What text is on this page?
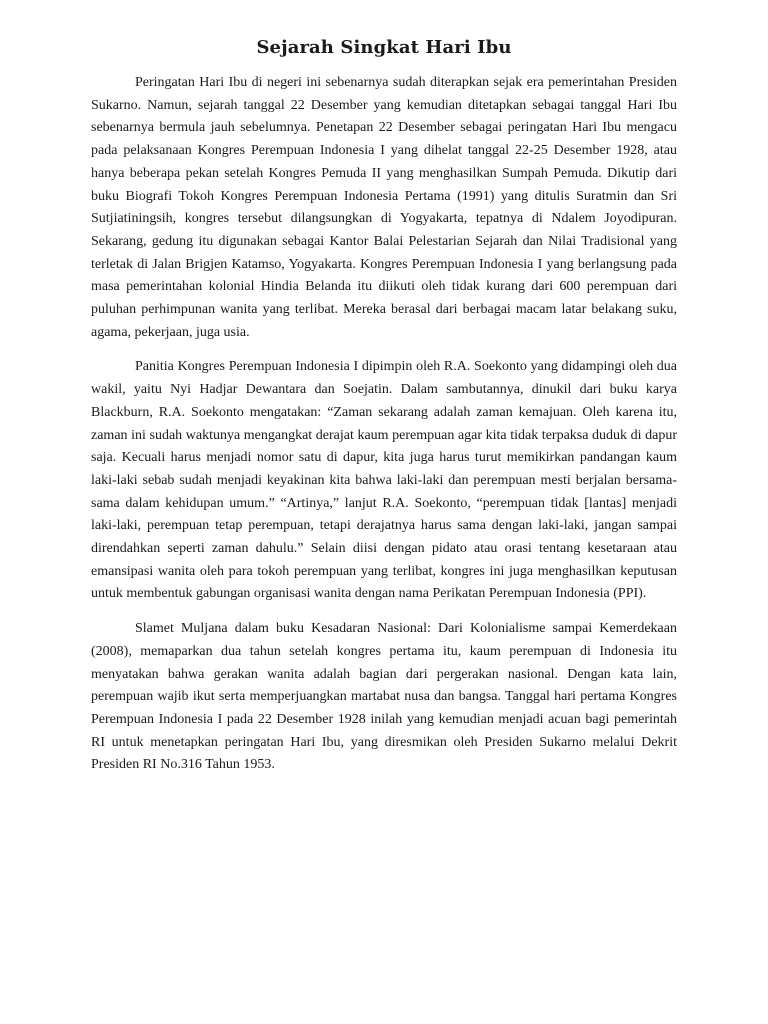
Sejarah Singkat Hari Ibu

Peringatan Hari Ibu di negeri ini sebenarnya sudah diterapkan sejak era pemerintahan Presiden Sukarno. Namun, sejarah tanggal 22 Desember yang kemudian ditetapkan sebagai tanggal Hari Ibu sebenarnya bermula jauh sebelumnya. Penetapan 22 Desember sebagai peringatan Hari Ibu mengacu pada pelaksanaan Kongres Perempuan Indonesia I yang dihelat tanggal 22-25 Desember 1928, atau hanya beberapa pekan setelah Kongres Pemuda II yang menghasilkan Sumpah Pemuda. Dikutip dari buku Biografi Tokoh Kongres Perempuan Indonesia Pertama (1991) yang ditulis Suratmin dan Sri Sutjiatiningsih, kongres tersebut dilangsungkan di Yogyakarta, tepatnya di Ndalem Joyodipuran. Sekarang, gedung itu digunakan sebagai Kantor Balai Pelestarian Sejarah dan Nilai Tradisional yang terletak di Jalan Brigjen Katamso, Yogyakarta. Kongres Perempuan Indonesia I yang berlangsung pada masa pemerintahan kolonial Hindia Belanda itu diikuti oleh tidak kurang dari 600 perempuan dari puluhan perhimpunan wanita yang terlibat. Mereka berasal dari berbagai macam latar belakang suku, agama, pekerjaan, juga usia.

Panitia Kongres Perempuan Indonesia I dipimpin oleh R.A. Soekonto yang didampingi oleh dua wakil, yaitu Nyi Hadjar Dewantara dan Soejatin. Dalam sambutannya, dinukil dari buku karya Blackburn, R.A. Soekonto mengatakan: “Zaman sekarang adalah zaman kemajuan. Oleh karena itu, zaman ini sudah waktunya mengangkat derajat kaum perempuan agar kita tidak terpaksa duduk di dapur saja. Kecuali harus menjadi nomor satu di dapur, kita juga harus turut memikirkan pandangan kaum laki-laki sebab sudah menjadi keyakinan kita bahwa laki-laki dan perempuan mesti berjalan bersama-sama dalam kehidupan umum.” “Artinya,” lanjut R.A. Soekonto, “perempuan tidak [lantas] menjadi laki-laki, perempuan tetap perempuan, tetapi derajatnya harus sama dengan laki-laki, jangan sampai direndahkan seperti zaman dahulu.” Selain diisi dengan pidato atau orasi tentang kesetaraan atau emansipasi wanita oleh para tokoh perempuan yang terlibat, kongres ini juga menghasilkan keputusan untuk membentuk gabungan organisasi wanita dengan nama Perikatan Perempuan Indonesia (PPI).

Slamet Muljana dalam buku Kesadaran Nasional: Dari Kolonialisme sampai Kemerdekaan (2008), memaparkan dua tahun setelah kongres pertama itu, kaum perempuan di Indonesia itu menyatakan bahwa gerakan wanita adalah bagian dari pergerakan nasional. Dengan kata lain, perempuan wajib ikut serta memperjuangkan martabat nusa dan bangsa. Tanggal hari pertama Kongres Perempuan Indonesia I pada 22 Desember 1928 inilah yang kemudian menjadi acuan bagi pemerintah RI untuk menetapkan peringatan Hari Ibu, yang diresmikan oleh Presiden Sukarno melalui Dekrit Presiden RI No.316 Tahun 1953.
